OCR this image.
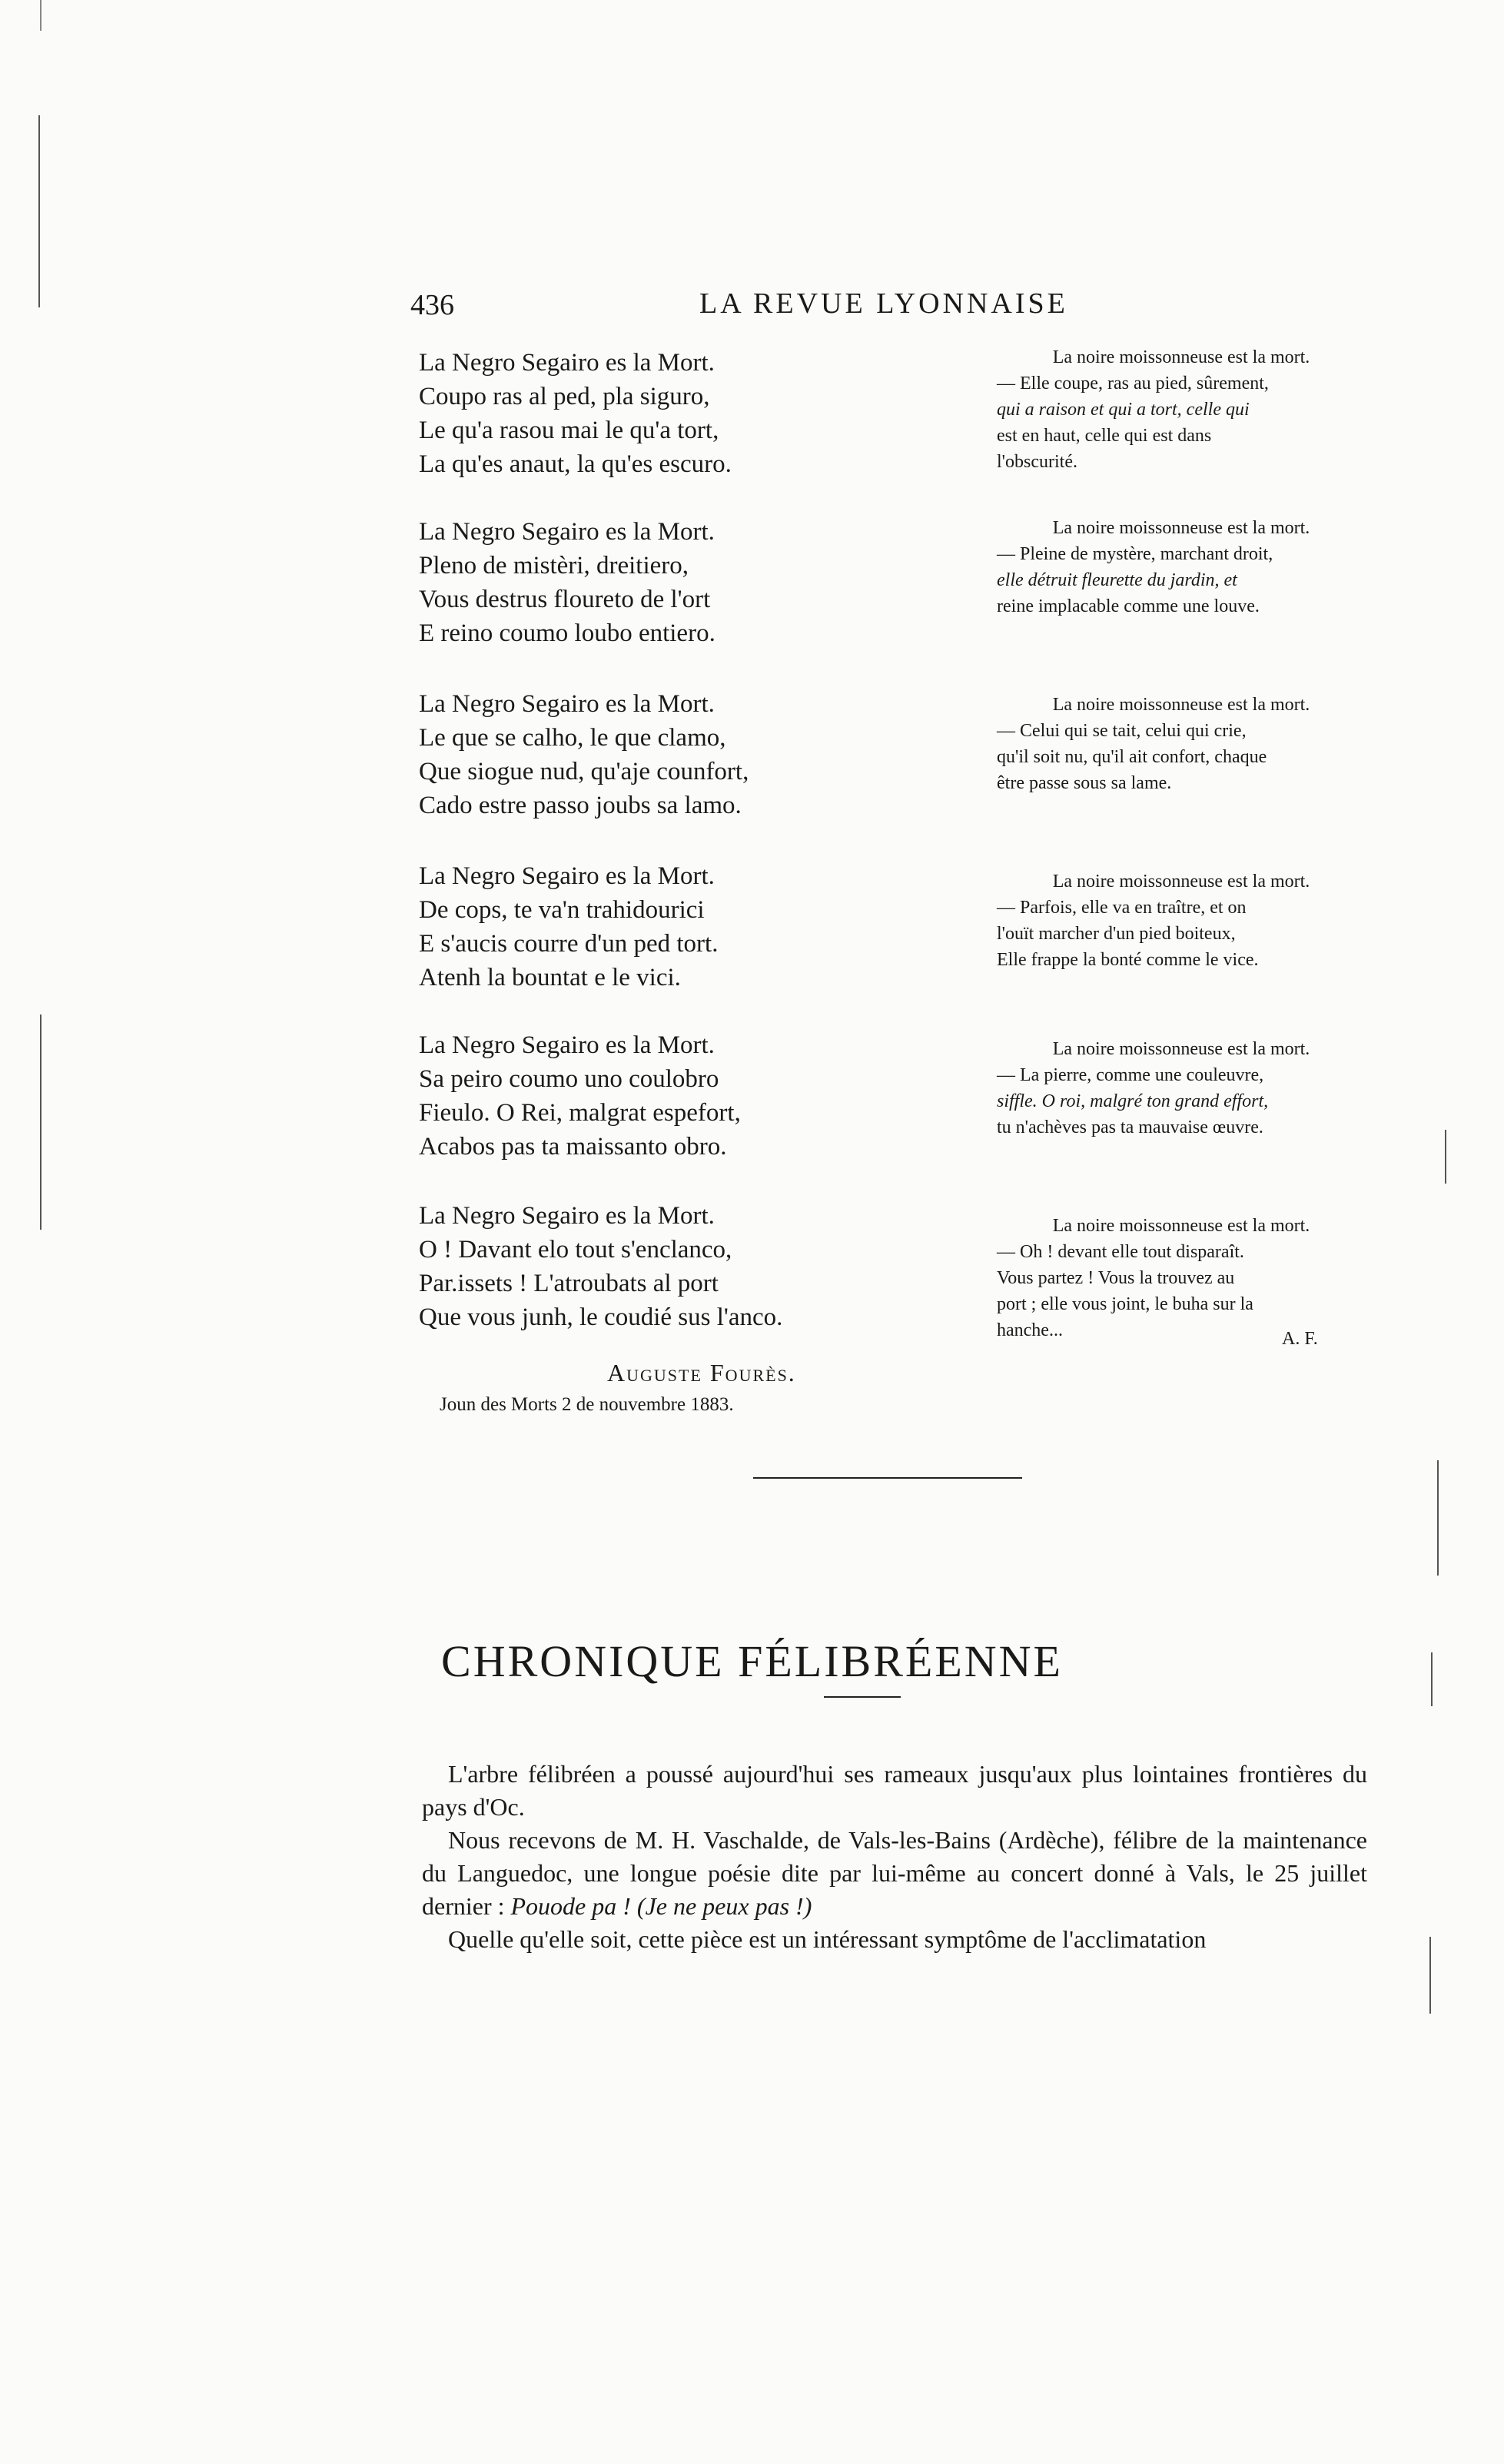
436	LA REVUE LYONNAISE
La Negro Segairo es la Mort.
Coupo ras al ped, pla siguro,
Le qu'a rasou mai le qu'a tort,
La qu'es anaut, la qu'es escuro.
La noire moissonneuse est la mort.
— Elle coupe, ras au pied, sûrement,
qui a raison et qui a tort, celle qui
est en haut, celle qui est dans
l'obscurité.
La Negro Segairo es la Mort.
Pleno de mistèri, dreitiero,
Vous destrus floureto de l'ort
E reino coumo loubo entiero.
La noire moissonneuse est la mort.
— Pleine de mystère, marchant droit,
elle détruit fleurette du jardin, et
reine implacable comme une louve.
La Negro Segairo es la Mort.
Le que se calho, le que clamo,
Que siogue nud, qu'aje counfort,
Cado estre passo joubs sa lamo.
La noire moissonneuse est la mort.
— Celui qui se tait, celui qui crie,
qu'il soit nu, qu'il ait confort, chaque
être passe sous sa lame.
La Negro Segairo es la Mort.
De cops, te va'n trahidourici
E s'aucis courre d'un ped tort.
Atenh la bountat e le vici.
La noire moissonneuse est la mort.
— Parfois, elle va en traître, et on
l'ouït marcher d'un pied boiteux,
Elle frappe la bonté comme le vice.
La Negro Segairo es la Mort.
Sa peiro coumo uno coulobro
Fieulo. O Rei, malgrat espefort,
Acabos pas ta maissanto obro.
La noire moissonneuse est la mort.
— La pierre, comme une couleuvre,
siffle. O roi, malgré ton grand effort,
tu n'achèves pas ta mauvaise œuvre.
La Negro Segairo es la Mort.
O ! Davant elo tout s'enclanco,
Par.issets ! L'atroubats al port
Que vous junh, le coudié sus l'anco.
La noire moissonneuse est la mort.
— Oh ! devant elle tout disparaît.
Vous partez ! Vous la trouvez au
port ; elle vous joint, le buha sur la
hanche...	A. F.
Auguste Fourès.
Joun des Morts 2 de nouvembre 1883.
CHRONIQUE FÉLIBRÉENNE

L'arbre félibréen a poussé aujourd'hui ses rameaux jusqu'aux plus lointaines frontières du pays d'Oc.

Nous recevons de M. H. Vaschalde, de Vals-les-Bains (Ardèche), félibre de la maintenance du Languedoc, une longue poésie dite par lui-même au concert donné à Vals, le 25 juillet dernier : Pouode pa ! (Je ne peux pas !)

Quelle qu'elle soit, cette pièce est un intéressant symptôme de l'acclimatation
